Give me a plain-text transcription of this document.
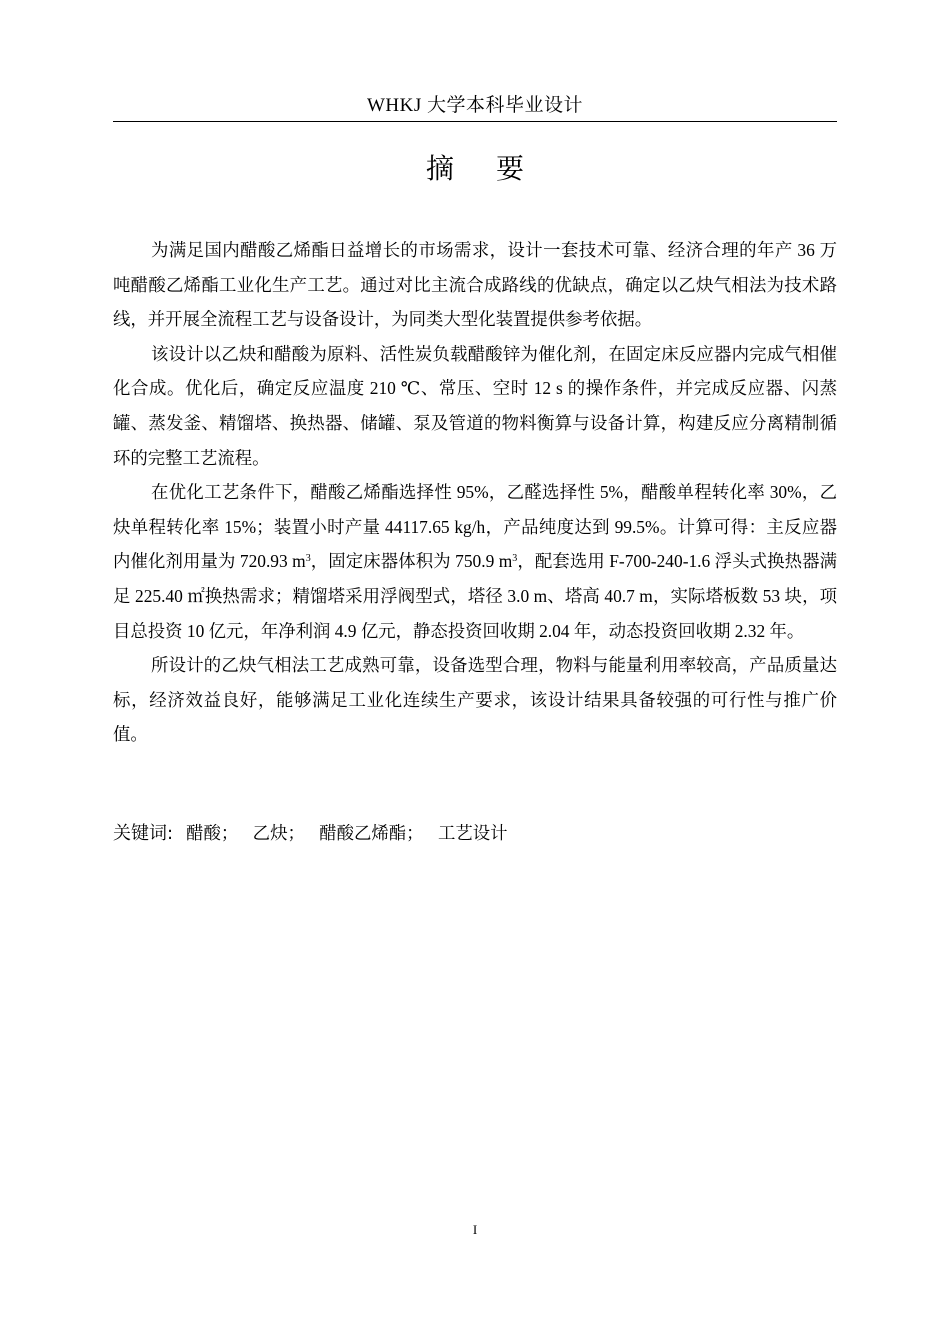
WHKJ 大学本科毕业设计
摘要

为满足国内醋酸乙烯酯日益增长的市场需求，设计一套技术可靠、经济合理的年产 36 万吨醋酸乙烯酯工业化生产工艺。通过对比主流合成路线的优缺点，确定以乙炔气相法为技术路线，并开展全流程工艺与设备设计，为同类大型化装置提供参考依据。

该设计以乙炔和醋酸为原料、活性炭负载醋酸锌为催化剂，在固定床反应器内完成气相催化合成。优化后，确定反应温度 210 ℃、常压、空时 12 s 的操作条件，并完成反应器、闪蒸罐、蒸发釜、精馏塔、换热器、储罐、泵及管道的物料衡算与设备计算，构建反应分离精制循环的完整工艺流程。

在优化工艺条件下，醋酸乙烯酯选择性 95%，乙醛选择性 5%，醋酸单程转化率 30%，乙炔单程转化率 15%；装置小时产量 44117.65 kg/h，产品纯度达到 99.5%。计算可得：主反应器内催化剂用量为 720.93 $m^3$，固定床器体积为 750.9 $m^3$，配套选用 F-700-240-1.6 浮头式换热器满足 225.40 ㎡换热需求；精馏塔采用浮阀型式，塔径 3.0 m、塔高 40.7 m，实际塔板数 53 块，项目总投资 10 亿元，年净利润 4.9 亿元，静态投资回收期 2.04 年，动态投资回收期 2.32 年。

所设计的乙炔气相法工艺成熟可靠，设备选型合理，物料与能量利用率较高，产品质量达标，经济效益良好，能够满足工业化连续生产要求，该设计结果具备较强的可行性与推广价值。

关键词: 醋酸； 乙炔； 醋酸乙烯酯； 工艺设计
I
